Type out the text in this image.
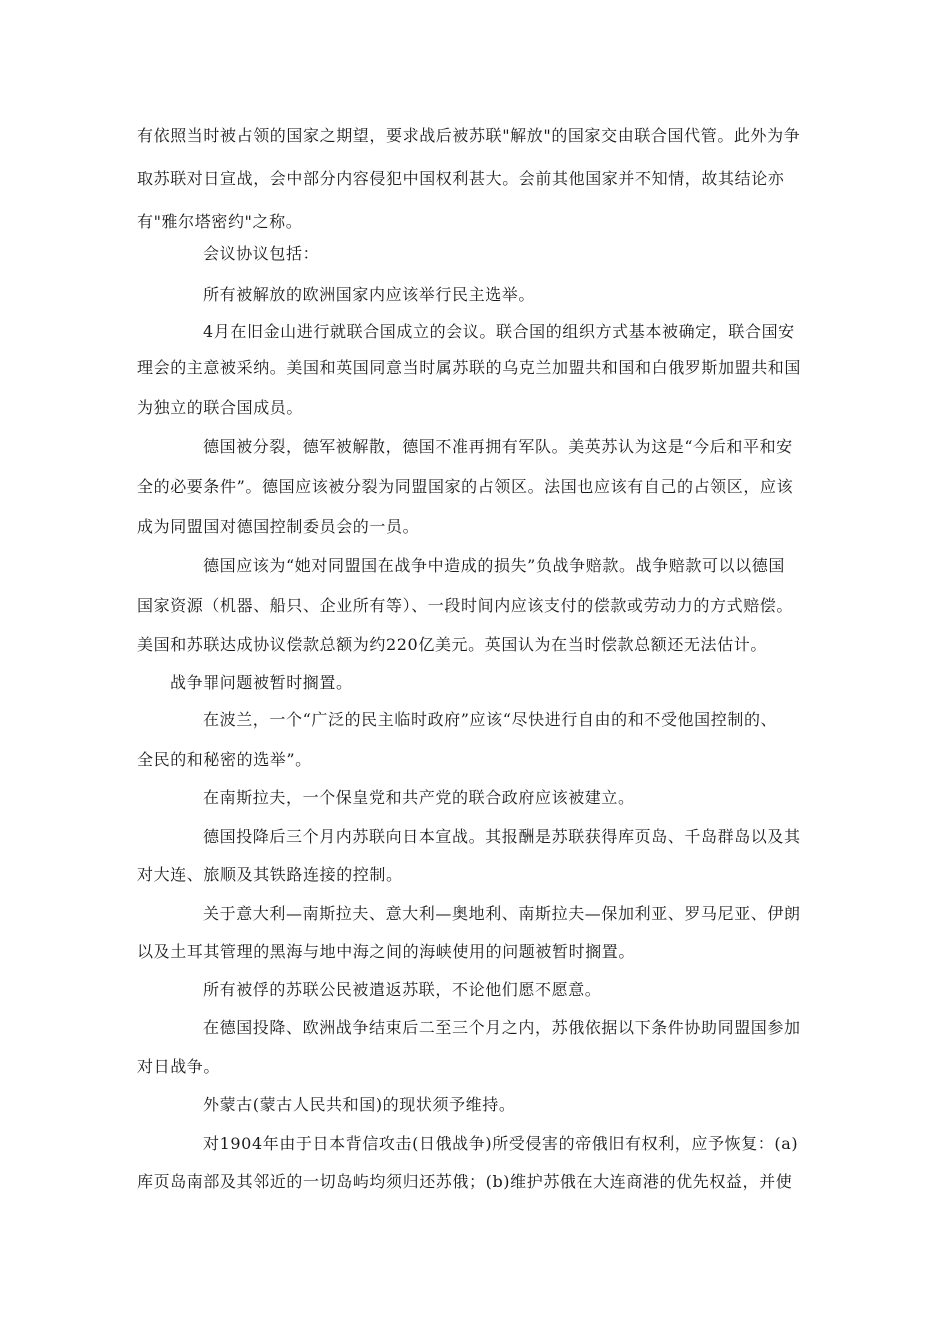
有依照当时被占领的国家之期望，要求战后被苏联"解放"的国家交由联合国代管。此外为争
取苏联对日宣战，会中部分内容侵犯中国权利甚大。会前其他国家并不知情，故其结论亦
有"雅尔塔密约"之称。
会议协议包括：
所有被解放的欧洲国家内应该举行民主选举。
4月在旧金山进行就联合国成立的会议。联合国的组织方式基本被确定，联合国安
理会的主意被采纳。美国和英国同意当时属苏联的乌克兰加盟共和国和白俄罗斯加盟共和国
为独立的联合国成员。
德国被分裂，德军被解散，德国不准再拥有军队。美英苏认为这是“今后和平和安
全的必要条件”。德国应该被分裂为同盟国家的占领区。法国也应该有自己的占领区，应该
成为同盟国对德国控制委员会的一员。
德国应该为“她对同盟国在战争中造成的损失”负战争赔款。战争赔款可以以德国
国家资源（机器、船只、企业所有等）、一段时间内应该支付的偿款或劳动力的方式赔偿。
美国和苏联达成协议偿款总额为约220亿美元。英国认为在当时偿款总额还无法估计。
战争罪问题被暂时搁置。
在波兰，一个“广泛的民主临时政府”应该“尽快进行自由的和不受他国控制的、
全民的和秘密的选举”。
在南斯拉夫，一个保皇党和共产党的联合政府应该被建立。
德国投降后三个月内苏联向日本宣战。其报酬是苏联获得库页岛、千岛群岛以及其
对大连、旅顺及其铁路连接的控制。
关于意大利—南斯拉夫、意大利—奥地利、南斯拉夫—保加利亚、罗马尼亚、伊朗
以及土耳其管理的黑海与地中海之间的海峡使用的问题被暂时搁置。
所有被俘的苏联公民被遣返苏联，不论他们愿不愿意。
在德国投降、欧洲战争结束后二至三个月之内，苏俄依据以下条件协助同盟国参加
对日战争。
外蒙古(蒙古人民共和国)的现状须予维持。
对1904年由于日本背信攻击(日俄战争)所受侵害的帝俄旧有权利，应予恢复：(a)
库页岛南部及其邻近的一切岛屿均须归还苏俄；(b)维护苏俄在大连商港的优先权益，并使
